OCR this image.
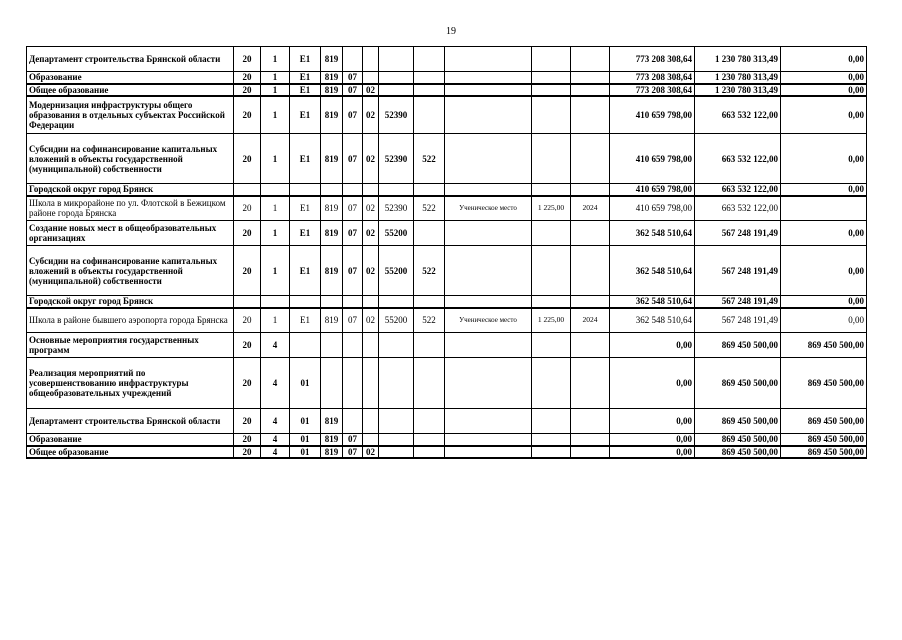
19
Департамент строительства Брянской области	20	1	Е1	819								773 208 308,64	1 230 780 313,49	0,00
Образование	20	1	Е1	819	07							773 208 308,64	1 230 780 313,49	0,00
Общее образование	20	1	Е1	819	07	02						773 208 308,64	1 230 780 313,49	0,00
Модернизация инфраструктуры общего образования в отдельных субъектах Российской Федерации	20	1	Е1	819	07	02	52390					410 659 798,00	663 532 122,00	0,00
Субсидии на софинансирование капитальных вложений в объекты государственной (муниципальной) собственности	20	1	Е1	819	07	02	52390	522				410 659 798,00	663 532 122,00	0,00
Городской округ город Брянск												410 659 798,00	663 532 122,00	0,00
Школа в микрорайоне по ул. Флотской в Бежицком районе города Брянска	20	1	Е1	819	07	02	52390	522	Ученическое место	1 225,00	2024	410 659 798,00	663 532 122,00	
Создание новых мест в общеобразовательных организациях	20	1	Е1	819	07	02	55200					362 548 510,64	567 248 191,49	0,00
Субсидии на софинансирование капитальных вложений в объекты государственной (муниципальной) собственности	20	1	Е1	819	07	02	55200	522				362 548 510,64	567 248 191,49	0,00
Городской округ город Брянск												362 548 510,64	567 248 191,49	0,00
Школа в районе бывшего аэропорта города Брянска	20	1	Е1	819	07	02	55200	522	Ученическое место	1 225,00	2024	362 548 510,64	567 248 191,49	0,00
Основные мероприятия государственных программ	20	4										0,00	869 450 500,00	869 450 500,00
Реализация мероприятий по усовершенствованию инфраструктуры общеобразовательных учреждений	20	4	01									0,00	869 450 500,00	869 450 500,00
Департамент строительства Брянской области	20	4	01	819								0,00	869 450 500,00	869 450 500,00
Образование	20	4	01	819	07							0,00	869 450 500,00	869 450 500,00
Общее образование	20	4	01	819	07	02						0,00	869 450 500,00	869 450 500,00
